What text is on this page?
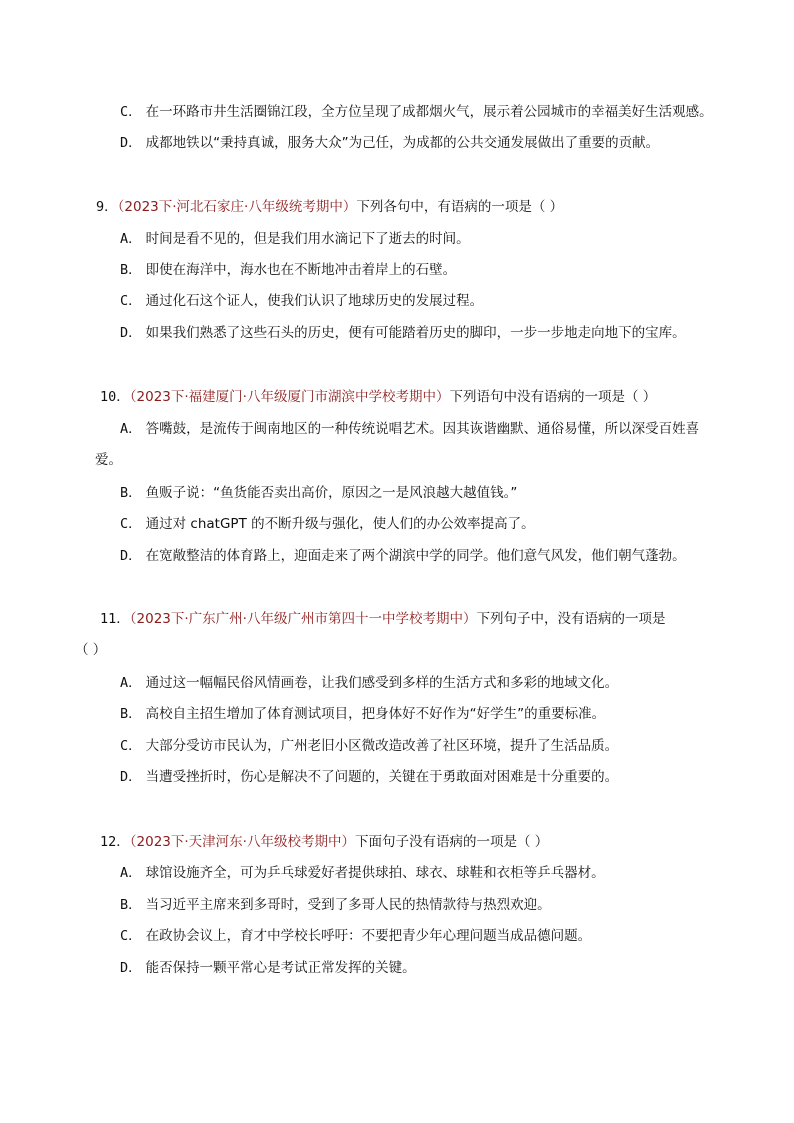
C． 在一环路市井生活圈锦江段，全方位呈现了成都烟火气，展示着公园城市的幸福美好生活观感。
D． 成都地铁以“秉持真诚，服务大众”为己任，为成都的公共交通发展做出了重要的贡献。
9．（2023下·河北石家庄·八年级统考期中）下列各句中，有语病的一项是（ ）
A． 时间是看不见的，但是我们用水滴记下了逝去的时间。
B． 即使在海洋中，海水也在不断地冲击着岸上的石壁。
C． 通过化石这个证人，使我们认识了地球历史的发展过程。
D． 如果我们熟悉了这些石头的历史，便有可能踏着历史的脚印，一步一步地走向地下的宝库。
10．（2023下·福建厦门·八年级厦门市湖滨中学校考期中）下列语句中没有语病的一项是（ ）
A． 答嘴鼓，是流传于闽南地区的一种传统说唱艺术。因其诙谐幽默、通俗易懂，所以深受百姓喜
爱。
B． 鱼贩子说：“鱼货能否卖出高价，原因之一是风浪越大越值钱。”
C． 通过对 chatGPT 的不断升级与强化，使人们的办公效率提高了。
D． 在宽敞整洁的体育路上，迎面走来了两个湖滨中学的同学。他们意气风发，他们朝气蓬勃。
11．（2023下·广东广州·八年级广州市第四十一中学校考期中）下列句子中，没有语病的一项是
（ ）
A． 通过这一幅幅民俗风情画卷，让我们感受到多样的生活方式和多彩的地域文化。
B． 高校自主招生增加了体育测试项目，把身体好不好作为“好学生”的重要标准。
C． 大部分受访市民认为，广州老旧小区微改造改善了社区环境，提升了生活品质。
D． 当遭受挫折时，伤心是解决不了问题的，关键在于勇敢面对困难是十分重要的。
12．（2023下·天津河东·八年级校考期中）下面句子没有语病的一项是（ ）
A． 球馆设施齐全，可为乒乓球爱好者提供球拍、球衣、球鞋和衣柜等乒乓器材。
B． 当习近平主席来到多哥时，受到了多哥人民的热情款待与热烈欢迎。
C． 在政协会议上，育才中学校长呼吁：不要把青少年心理问题当成品德问题。
D． 能否保持一颗平常心是考试正常发挥的关键。
